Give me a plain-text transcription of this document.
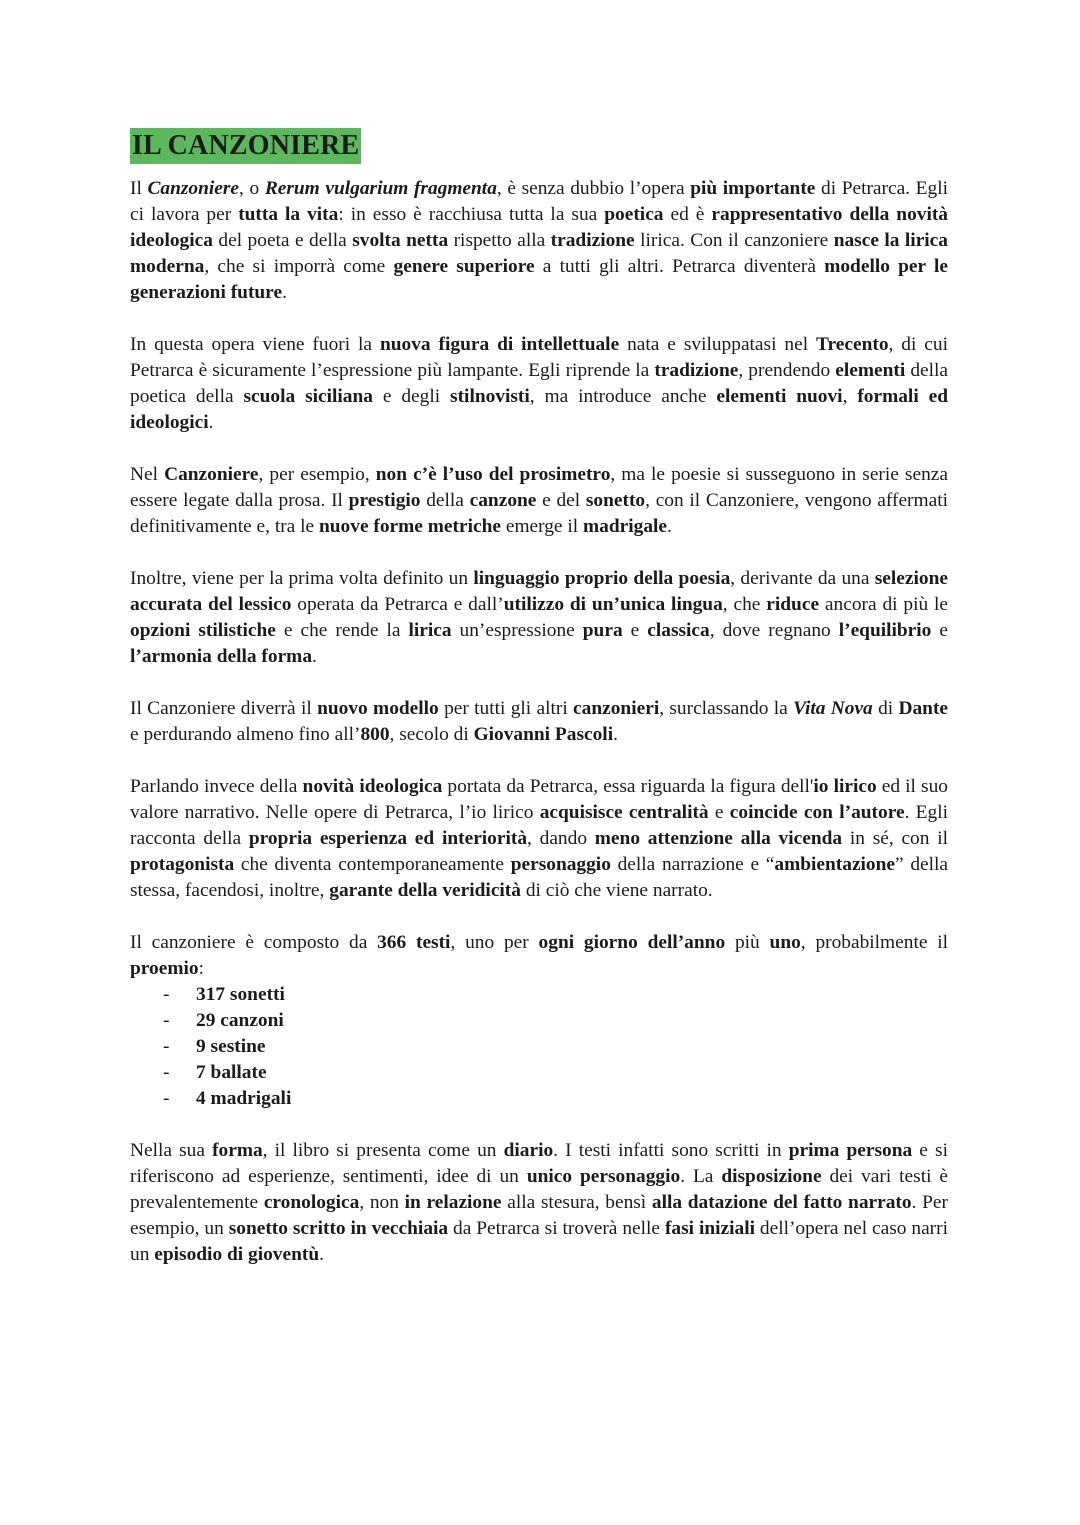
IL CANZONIERE

Il Canzoniere, o Rerum vulgarium fragmenta, è senza dubbio l’opera più importante di Petrarca. Egli ci lavora per tutta la vita: in esso è racchiusa tutta la sua poetica ed è rappresentativo della novità ideologica del poeta e della svolta netta rispetto alla tradizione lirica. Con il canzoniere nasce la lirica moderna, che si imporrà come genere superiore a tutti gli altri. Petrarca diventerà modello per le generazioni future.

In questa opera viene fuori la nuova figura di intellettuale nata e sviluppatasi nel Trecento, di cui Petrarca è sicuramente l’espressione più lampante. Egli riprende la tradizione, prendendo elementi della poetica della scuola siciliana e degli stilnovisti, ma introduce anche elementi nuovi, formali ed ideologici.

Nel Canzoniere, per esempio, non c’è l’uso del prosimetro, ma le poesie si susseguono in serie senza essere legate dalla prosa. Il prestigio della canzone e del sonetto, con il Canzoniere, vengono affermati definitivamente e, tra le nuove forme metriche emerge il madrigale.

Inoltre, viene per la prima volta definito un linguaggio proprio della poesia, derivante da una selezione accurata del lessico operata da Petrarca e dall’utilizzo di un’unica lingua, che riduce ancora di più le opzioni stilistiche e che rende la lirica un’espressione pura e classica, dove regnano l’equilibrio e l’armonia della forma.

Il Canzoniere diverrà il nuovo modello per tutti gli altri canzonieri, surclassando la Vita Nova di Dante e perdurando almeno fino all’800, secolo di Giovanni Pascoli.

Parlando invece della novità ideologica portata da Petrarca, essa riguarda la figura dell'io lirico ed il suo valore narrativo. Nelle opere di Petrarca, l’io lirico acquisisce centralità e coincide con l’autore. Egli racconta della propria esperienza ed interiorità, dando meno attenzione alla vicenda in sé, con il protagonista che diventa contemporaneamente personaggio della narrazione e “ambientazione” della stessa, facendosi, inoltre, garante della veridicità di ciò che viene narrato.

Il canzoniere è composto da 366 testi, uno per ogni giorno dell’anno più uno, probabilmente il proemio:

- 317 sonetti
- 29 canzoni
- 9 sestine
- 7 ballate
- 4 madrigali

Nella sua forma, il libro si presenta come un diario. I testi infatti sono scritti in prima persona e si riferiscono ad esperienze, sentimenti, idee di un unico personaggio. La disposizione dei vari testi è prevalentemente cronologica, non in relazione alla stesura, bensì alla datazione del fatto narrato. Per esempio, un sonetto scritto in vecchiaia da Petrarca si troverà nelle fasi iniziali dell’opera nel caso narri un episodio di gioventù.
